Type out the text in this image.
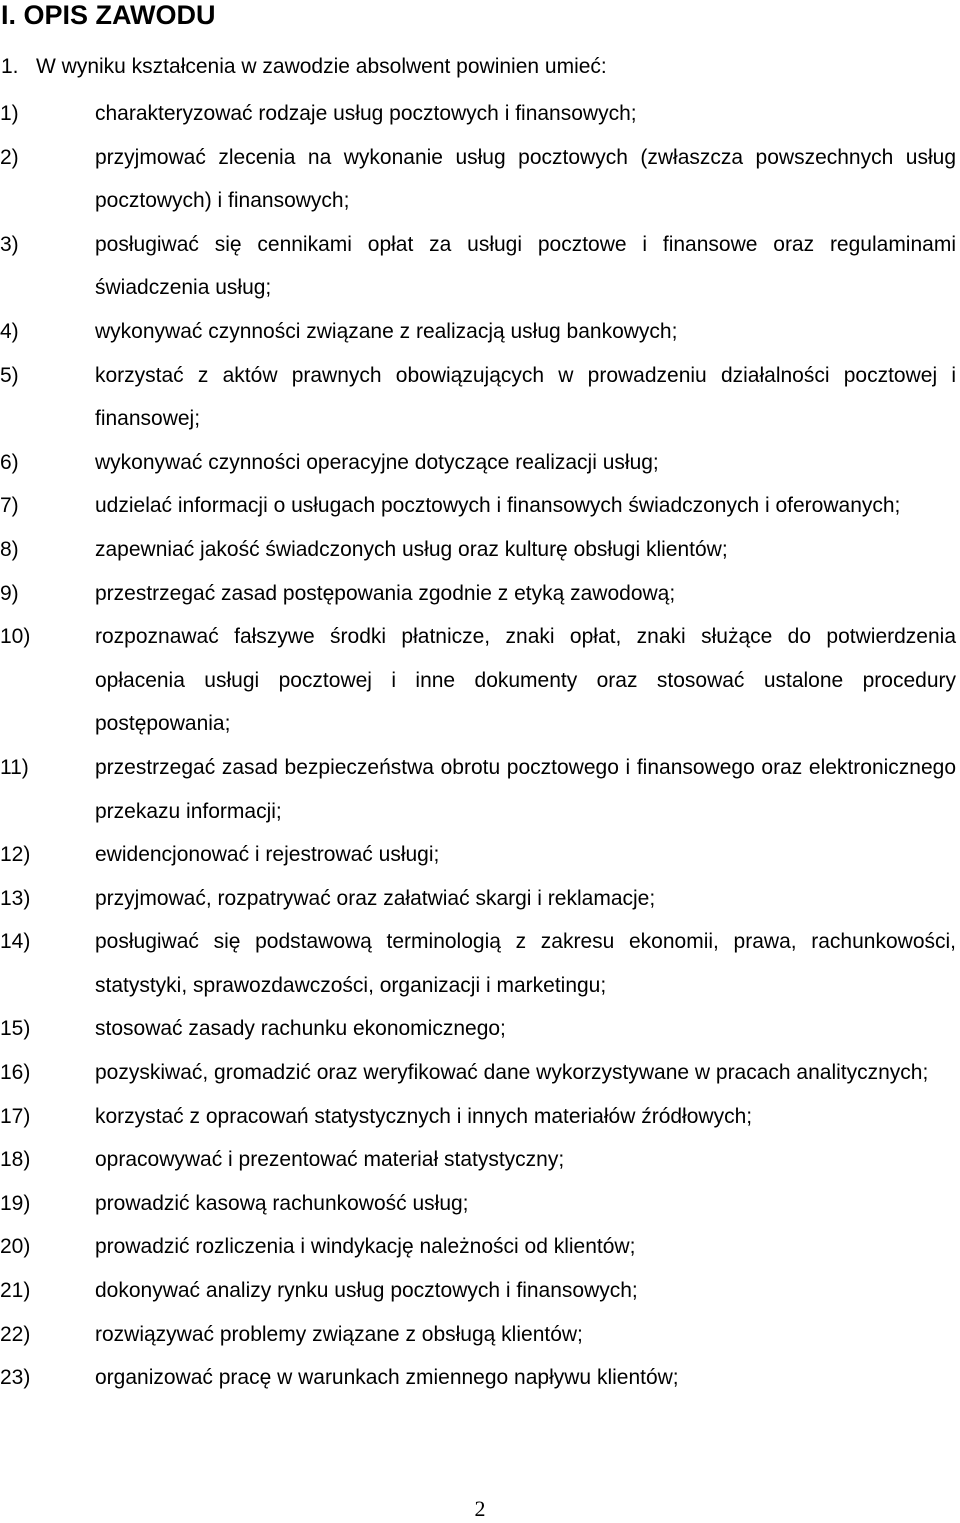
I. OPIS ZAWODU
1. W wyniku kształcenia w zawodzie absolwent powinien umieć:
1)	charakteryzować rodzaje usług pocztowych i finansowych;
2)	przyjmować zlecenia na wykonanie usług pocztowych (zwłaszcza powszechnych usług pocztowych) i finansowych;
3)	posługiwać się cennikami opłat za usługi pocztowe i finansowe oraz regulaminami świadczenia usług;
4)	wykonywać czynności związane z realizacją usług bankowych;
5)	korzystać z aktów prawnych obowiązujących w prowadzeniu działalności pocztowej i finansowej;
6)	wykonywać czynności operacyjne dotyczące realizacji usług;
7)	udzielać informacji o usługach pocztowych i finansowych świadczonych i oferowanych;
8)	zapewniać jakość świadczonych usług oraz kulturę obsługi klientów;
9)	przestrzegać zasad postępowania zgodnie z etyką zawodową;
10)	rozpoznawać fałszywe środki płatnicze, znaki opłat, znaki służące do potwierdzenia opłacenia usługi pocztowej i inne dokumenty oraz stosować ustalone procedury postępowania;
11)	przestrzegać zasad bezpieczeństwa obrotu pocztowego i finansowego oraz elektronicznego przekazu informacji;
12)	ewidencjonować i rejestrować usługi;
13)	przyjmować, rozpatrywać oraz załatwiać skargi i reklamacje;
14)	posługiwać się podstawową terminologią z zakresu ekonomii, prawa, rachunkowości, statystyki, sprawozdawczości, organizacji i marketingu;
15)	stosować zasady rachunku ekonomicznego;
16)	pozyskiwać, gromadzić oraz weryfikować dane wykorzystywane w pracach analitycznych;
17)	korzystać z opracowań statystycznych i innych materiałów źródłowych;
18)	opracowywać i prezentować materiał statystyczny;
19)	prowadzić kasową rachunkowość usług;
20)	prowadzić rozliczenia i windykację należności od klientów;
21)	dokonywać analizy rynku usług pocztowych i finansowych;
22)	rozwiązywać problemy związane z obsługą klientów;
23)	organizować pracę w warunkach zmiennego napływu klientów;
2
